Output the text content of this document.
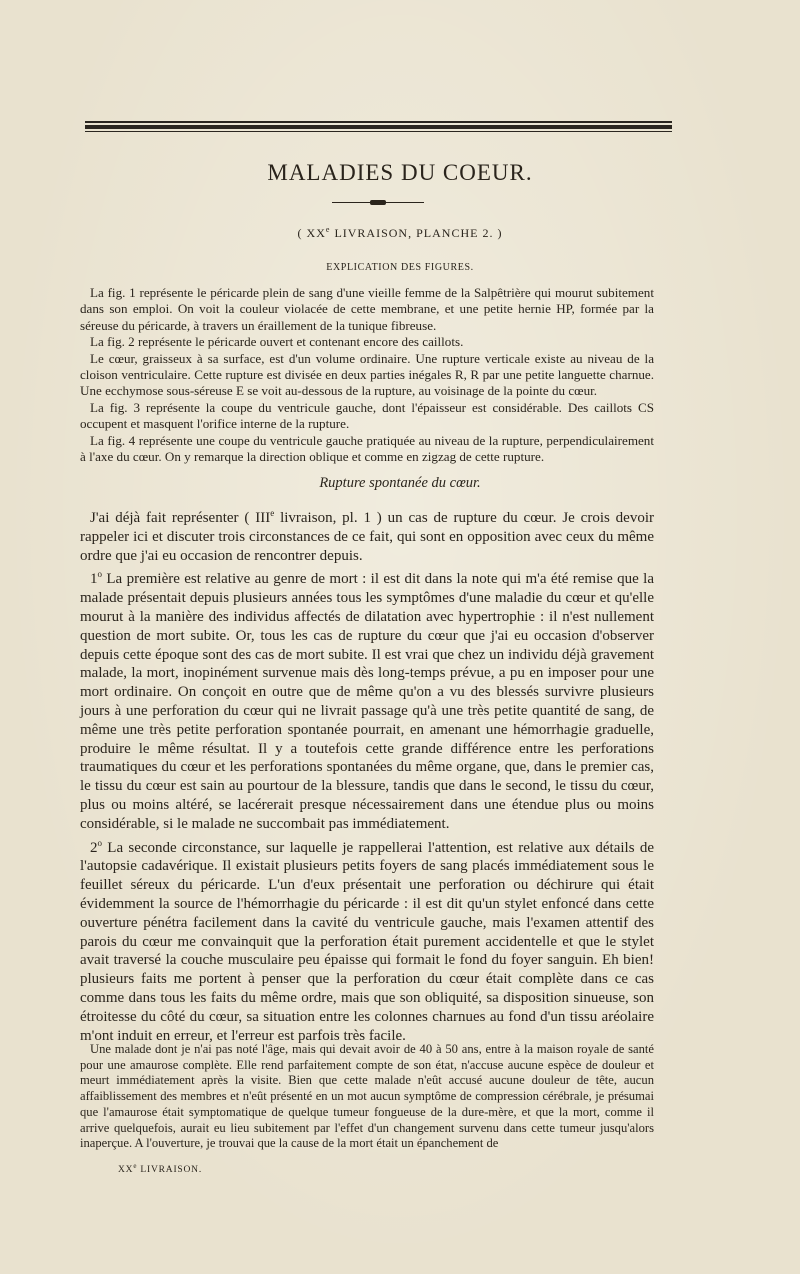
MALADIES DU COEUR.
( XXe LIVRAISON, PLANCHE 2. )
EXPLICATION DES FIGURES.

La fig. 1 représente le péricarde plein de sang d'une vieille femme de la Salpêtrière qui mourut subitement dans son emploi. On voit la couleur violacée de cette membrane, et une petite hernie HP, formée par la séreuse du péricarde, à travers un éraillement de la tunique fibreuse.

La fig. 2 représente le péricarde ouvert et contenant encore des caillots.

Le cœur, graisseux à sa surface, est d'un volume ordinaire. Une rupture verticale existe au niveau de la cloison ventriculaire. Cette rupture est divisée en deux parties inégales R, R par une petite languette charnue. Une ecchymose sous-séreuse E se voit au-dessous de la rupture, au voisinage de la pointe du cœur.

La fig. 3 représente la coupe du ventricule gauche, dont l'épaisseur est considérable. Des caillots CS occupent et masquent l'orifice interne de la rupture.

La fig. 4 représente une coupe du ventricule gauche pratiquée au niveau de la rupture, perpendiculairement à l'axe du cœur. On y remarque la direction oblique et comme en zigzag de cette rupture.

Rupture spontanée du cœur.

J'ai déjà fait représenter ( IIIe livraison, pl. 1 ) un cas de rupture du cœur. Je crois devoir rappeler ici et discuter trois circonstances de ce fait, qui sont en opposition avec ceux du même ordre que j'ai eu occasion de rencontrer depuis.

1$^o$ La première est relative au genre de mort : il est dit dans la note qui m'a été remise que la malade présentait depuis plusieurs années tous les symptômes d'une maladie du cœur et qu'elle mourut à la manière des individus affectés de dilatation avec hypertrophie : il n'est nullement question de mort subite. Or, tous les cas de rupture du cœur que j'ai eu occasion d'observer depuis cette époque sont des cas de mort subite. Il est vrai que chez un individu déjà gravement malade, la mort, inopinément survenue mais dès long-temps prévue, a pu en imposer pour une mort ordinaire. On conçoit en outre que de même qu'on a vu des blessés survivre plusieurs jours à une perforation du cœur qui ne livrait passage qu'à une très petite quantité de sang, de même une très petite perforation spontanée pourrait, en amenant une hémorrhagie graduelle, produire le même résultat. Il y a toutefois cette grande différence entre les perforations traumatiques du cœur et les perforations spontanées du même organe, que, dans le premier cas, le tissu du cœur est sain au pourtour de la blessure, tandis que dans le second, le tissu du cœur, plus ou moins altéré, se lacérerait presque nécessairement dans une étendue plus ou moins considérable, si le malade ne succombait pas immédiatement.

2$^o$ La seconde circonstance, sur laquelle je rappellerai l'attention, est relative aux détails de l'autopsie cadavérique. Il existait plusieurs petits foyers de sang placés immédiatement sous le feuillet séreux du péricarde. L'un d'eux présentait une perforation ou déchirure qui était évidemment la source de l'hémorrhagie du péricarde : il est dit qu'un stylet enfoncé dans cette ouverture pénétra facilement dans la cavité du ventricule gauche, mais l'examen attentif des parois du cœur me convainquit que la perforation était purement accidentelle et que le stylet avait traversé la couche musculaire peu épaisse qui formait le fond du foyer sanguin. Eh bien! plusieurs faits me portent à penser que la perforation du cœur était complète dans ce cas comme dans tous les faits du même ordre, mais que son obliquité, sa disposition sinueuse, son étroitesse du côté du cœur, sa situation entre les colonnes charnues au fond d'un tissu aréolaire m'ont induit en erreur, et l'erreur est parfois très facile.

Une malade dont je n'ai pas noté l'âge, mais qui devait avoir de 40 à 50 ans, entre à la maison royale de santé pour une amaurose complète. Elle rend parfaitement compte de son état, n'accuse aucune espèce de douleur et meurt immédiatement après la visite. Bien que cette malade n'eût accusé aucune douleur de tête, aucun affaiblissement des membres et n'eût présenté en un mot aucun symptôme de compression cérébrale, je présumai que l'amaurose était symptomatique de quelque tumeur fongueuse de la dure-mère, et que la mort, comme il arrive quelquefois, aurait eu lieu subitement par l'effet d'un changement survenu dans cette tumeur jusqu'alors inaperçue. A l'ouverture, je trouvai que la cause de la mort était un épanchement de

XXe LIVRAISON.
